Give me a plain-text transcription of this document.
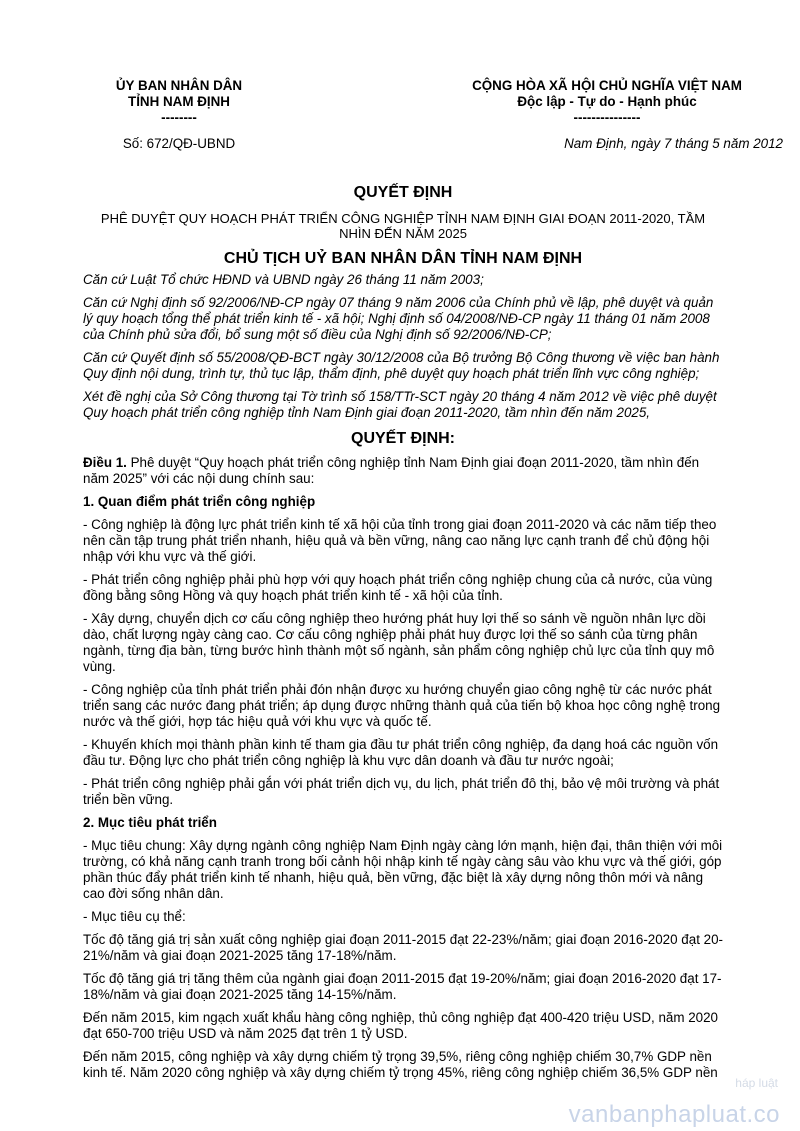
ỦY BAN NHÂN DÂN
TỈNH NAM ĐỊNH
--------
CỘNG HÒA XÃ HỘI CHỦ NGHĨA VIỆT NAM
Độc lập - Tự do - Hạnh phúc
---------------
Số: 672/QĐ-UBND	Nam Định, ngày 7 tháng 5 năm 2012
QUYẾT ĐỊNH
PHÊ DUYỆT QUY HOẠCH PHÁT TRIỂN CÔNG NGHIỆP TỈNH NAM ĐỊNH GIAI ĐOẠN 2011-2020, TẦM NHÌN ĐẾN NĂM 2025
CHỦ TỊCH UỶ BAN NHÂN DÂN TỈNH NAM ĐỊNH

Căn cứ Luật Tổ chức HĐND và UBND ngày 26 tháng 11 năm 2003;

Căn cứ Nghị định số 92/2006/NĐ-CP ngày 07 tháng 9 năm 2006 của Chính phủ về lập, phê duyệt và quản lý quy hoạch tổng thể phát triển kinh tế - xã hội; Nghị định số 04/2008/NĐ-CP ngày 11 tháng 01 năm 2008 của Chính phủ sửa đổi, bổ sung một số điều của Nghị định số 92/2006/NĐ-CP;

Căn cứ Quyết định số 55/2008/QĐ-BCT ngày 30/12/2008 của Bộ trưởng Bộ Công thương về việc ban hành Quy định nội dung, trình tự, thủ tục lập, thẩm định, phê duyệt quy hoạch phát triển lĩnh vực công nghiệp;

Xét đề nghị của Sở Công thương tại Tờ trình số 158/TTr-SCT ngày 20 tháng 4 năm 2012 về việc phê duyệt Quy hoạch phát triển công nghiệp tỉnh Nam Định giai đoạn 2011-2020, tầm nhìn đến năm 2025,

QUYẾT ĐỊNH:

Điều 1. Phê duyệt “Quy hoạch phát triển công nghiệp tỉnh Nam Định giai đoạn 2011-2020, tầm nhìn đến năm 2025” với các nội dung chính sau:

1. Quan điểm phát triển công nghiệp

- Công nghiệp là động lực phát triển kinh tế xã hội của tỉnh trong giai đoạn 2011-2020 và các năm tiếp theo nên cần tập trung phát triển nhanh, hiệu quả và bền vững, nâng cao năng lực cạnh tranh để chủ động hội nhập với khu vực và thế giới.

- Phát triển công nghiệp phải phù hợp với quy hoạch phát triển công nghiệp chung của cả nước, của vùng đồng bằng sông Hồng và quy hoạch phát triển kinh tế - xã hội của tỉnh.

- Xây dựng, chuyển dịch cơ cấu công nghiệp theo hướng phát huy lợi thế so sánh về nguồn nhân lực dồi dào, chất lượng ngày càng cao. Cơ cấu công nghiệp phải phát huy được lợi thế so sánh của từng phân ngành, từng địa bàn, từng bước hình thành một số ngành, sản phẩm công nghiệp chủ lực của tỉnh quy mô vùng.

- Công nghiệp của tỉnh phát triển phải đón nhận được xu hướng chuyển giao công nghệ từ các nước phát triển sang các nước đang phát triển; áp dụng được những thành quả của tiến bộ khoa học công nghệ trong nước và thế giới, hợp tác hiệu quả với khu vực và quốc tế.

- Khuyến khích mọi thành phần kinh tế tham gia đầu tư phát triển công nghiệp, đa dạng hoá các nguồn vốn đầu tư. Động lực cho phát triển công nghiệp là khu vực dân doanh và đầu tư nước ngoài;

- Phát triển công nghiệp phải gắn với phát triển dịch vụ, du lịch, phát triển đô thị, bảo vệ môi trường và phát triển bền vững.

2. Mục tiêu phát triển

- Mục tiêu chung: Xây dựng ngành công nghiệp Nam Định ngày càng lớn mạnh, hiện đại, thân thiện với môi trường, có khả năng cạnh tranh trong bối cảnh hội nhập kinh tế ngày càng sâu vào khu vực và thế giới, góp phần thúc đẩy phát triển kinh tế nhanh, hiệu quả, bền vững, đặc biệt là xây dựng nông thôn mới và nâng cao đời sống nhân dân.

- Mục tiêu cụ thể:

Tốc độ tăng giá trị sản xuất công nghiệp giai đoạn 2011-2015 đạt 22-23%/năm; giai đoạn 2016-2020 đạt 20-21%/năm và giai đoạn 2021-2025 tăng 17-18%/năm.

Tốc độ tăng giá trị tăng thêm của ngành giai đoạn 2011-2015 đạt 19-20%/năm; giai đoạn 2016-2020 đạt 17-18%/năm và giai đoạn 2021-2025 tăng 14-15%/năm.

Đến năm 2015, kim ngạch xuất khẩu hàng công nghiệp, thủ công nghiệp đạt 400-420 triệu USD, năm 2020 đạt 650-700 triệu USD và năm 2025 đạt trên 1 tỷ USD.

Đến năm 2015, công nghiệp và xây dựng chiếm tỷ trọng 39,5%, riêng công nghiệp chiếm 30,7% GDP nền kinh tế. Năm 2020 công nghiệp và xây dựng chiếm tỷ trọng 45%, riêng công nghiệp chiếm 36,5% GDP nền

háp luật
vanbanphapluat.co
